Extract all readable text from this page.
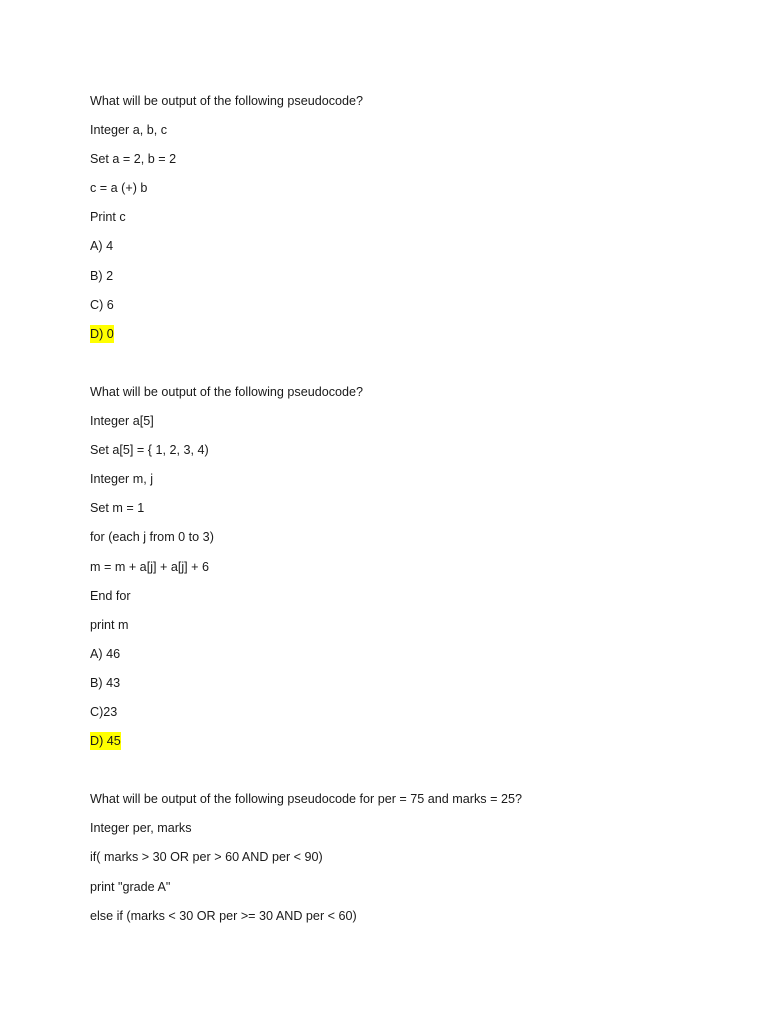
What will be output of the following pseudocode?
Integer a, b, c
Set a = 2, b = 2
c = a (+) b
Print c
A) 4
B) 2
C) 6
D) 0
What will be output of the following pseudocode?
Integer a[5]
Set a[5] = { 1, 2, 3, 4)
Integer m, j
Set m = 1
for (each j from 0 to 3)
m = m + a[j] + a[j] + 6
End for
print m
A) 46
B) 43
C)23
D) 45
What will be output of the following pseudocode for per = 75 and marks = 25?
Integer per, marks
if( marks > 30 OR per > 60 AND per < 90)
print "grade A"
else if (marks < 30 OR per >= 30 AND per < 60)
